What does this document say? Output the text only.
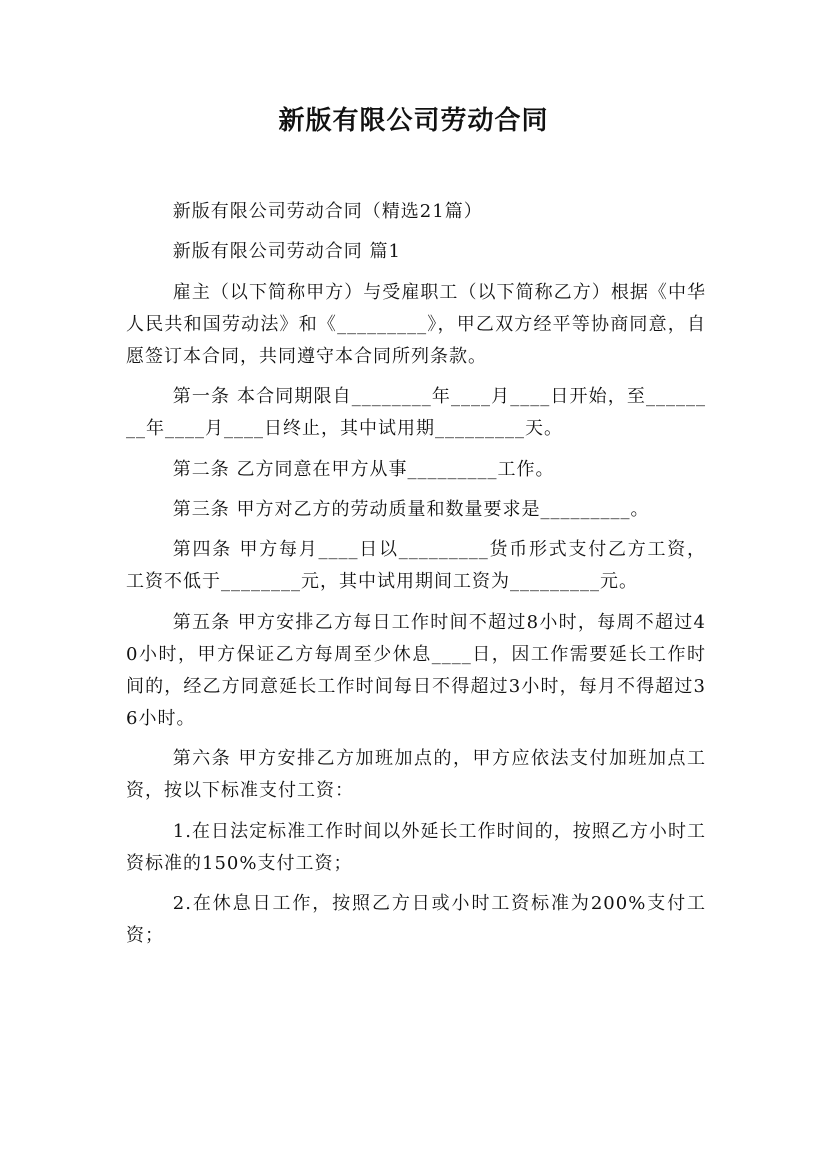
新版有限公司劳动合同

新版有限公司劳动合同（精选21篇）

新版有限公司劳动合同 篇1

雇主（以下简称甲方）与受雇职工（以下简称乙方）根据《中华人民共和国劳动法》和《_________》，甲乙双方经平等协商同意，自愿签订本合同，共同遵守本合同所列条款。

第一条 本合同期限自________年____月____日开始，至________年____月____日终止，其中试用期_________天。

第二条 乙方同意在甲方从事_________工作。

第三条 甲方对乙方的劳动质量和数量要求是_________。

第四条 甲方每月____日以_________货币形式支付乙方工资，工资不低于________元，其中试用期间工资为_________元。

第五条 甲方安排乙方每日工作时间不超过8小时，每周不超过40小时，甲方保证乙方每周至少休息____日，因工作需要延长工作时间的，经乙方同意延长工作时间每日不得超过3小时，每月不得超过36小时。

第六条 甲方安排乙方加班加点的，甲方应依法支付加班加点工资，按以下标准支付工资：

1.在日法定标准工作时间以外延长工作时间的，按照乙方小时工资标准的150%支付工资；

2.在休息日工作，按照乙方日或小时工资标准为200%支付工资；
